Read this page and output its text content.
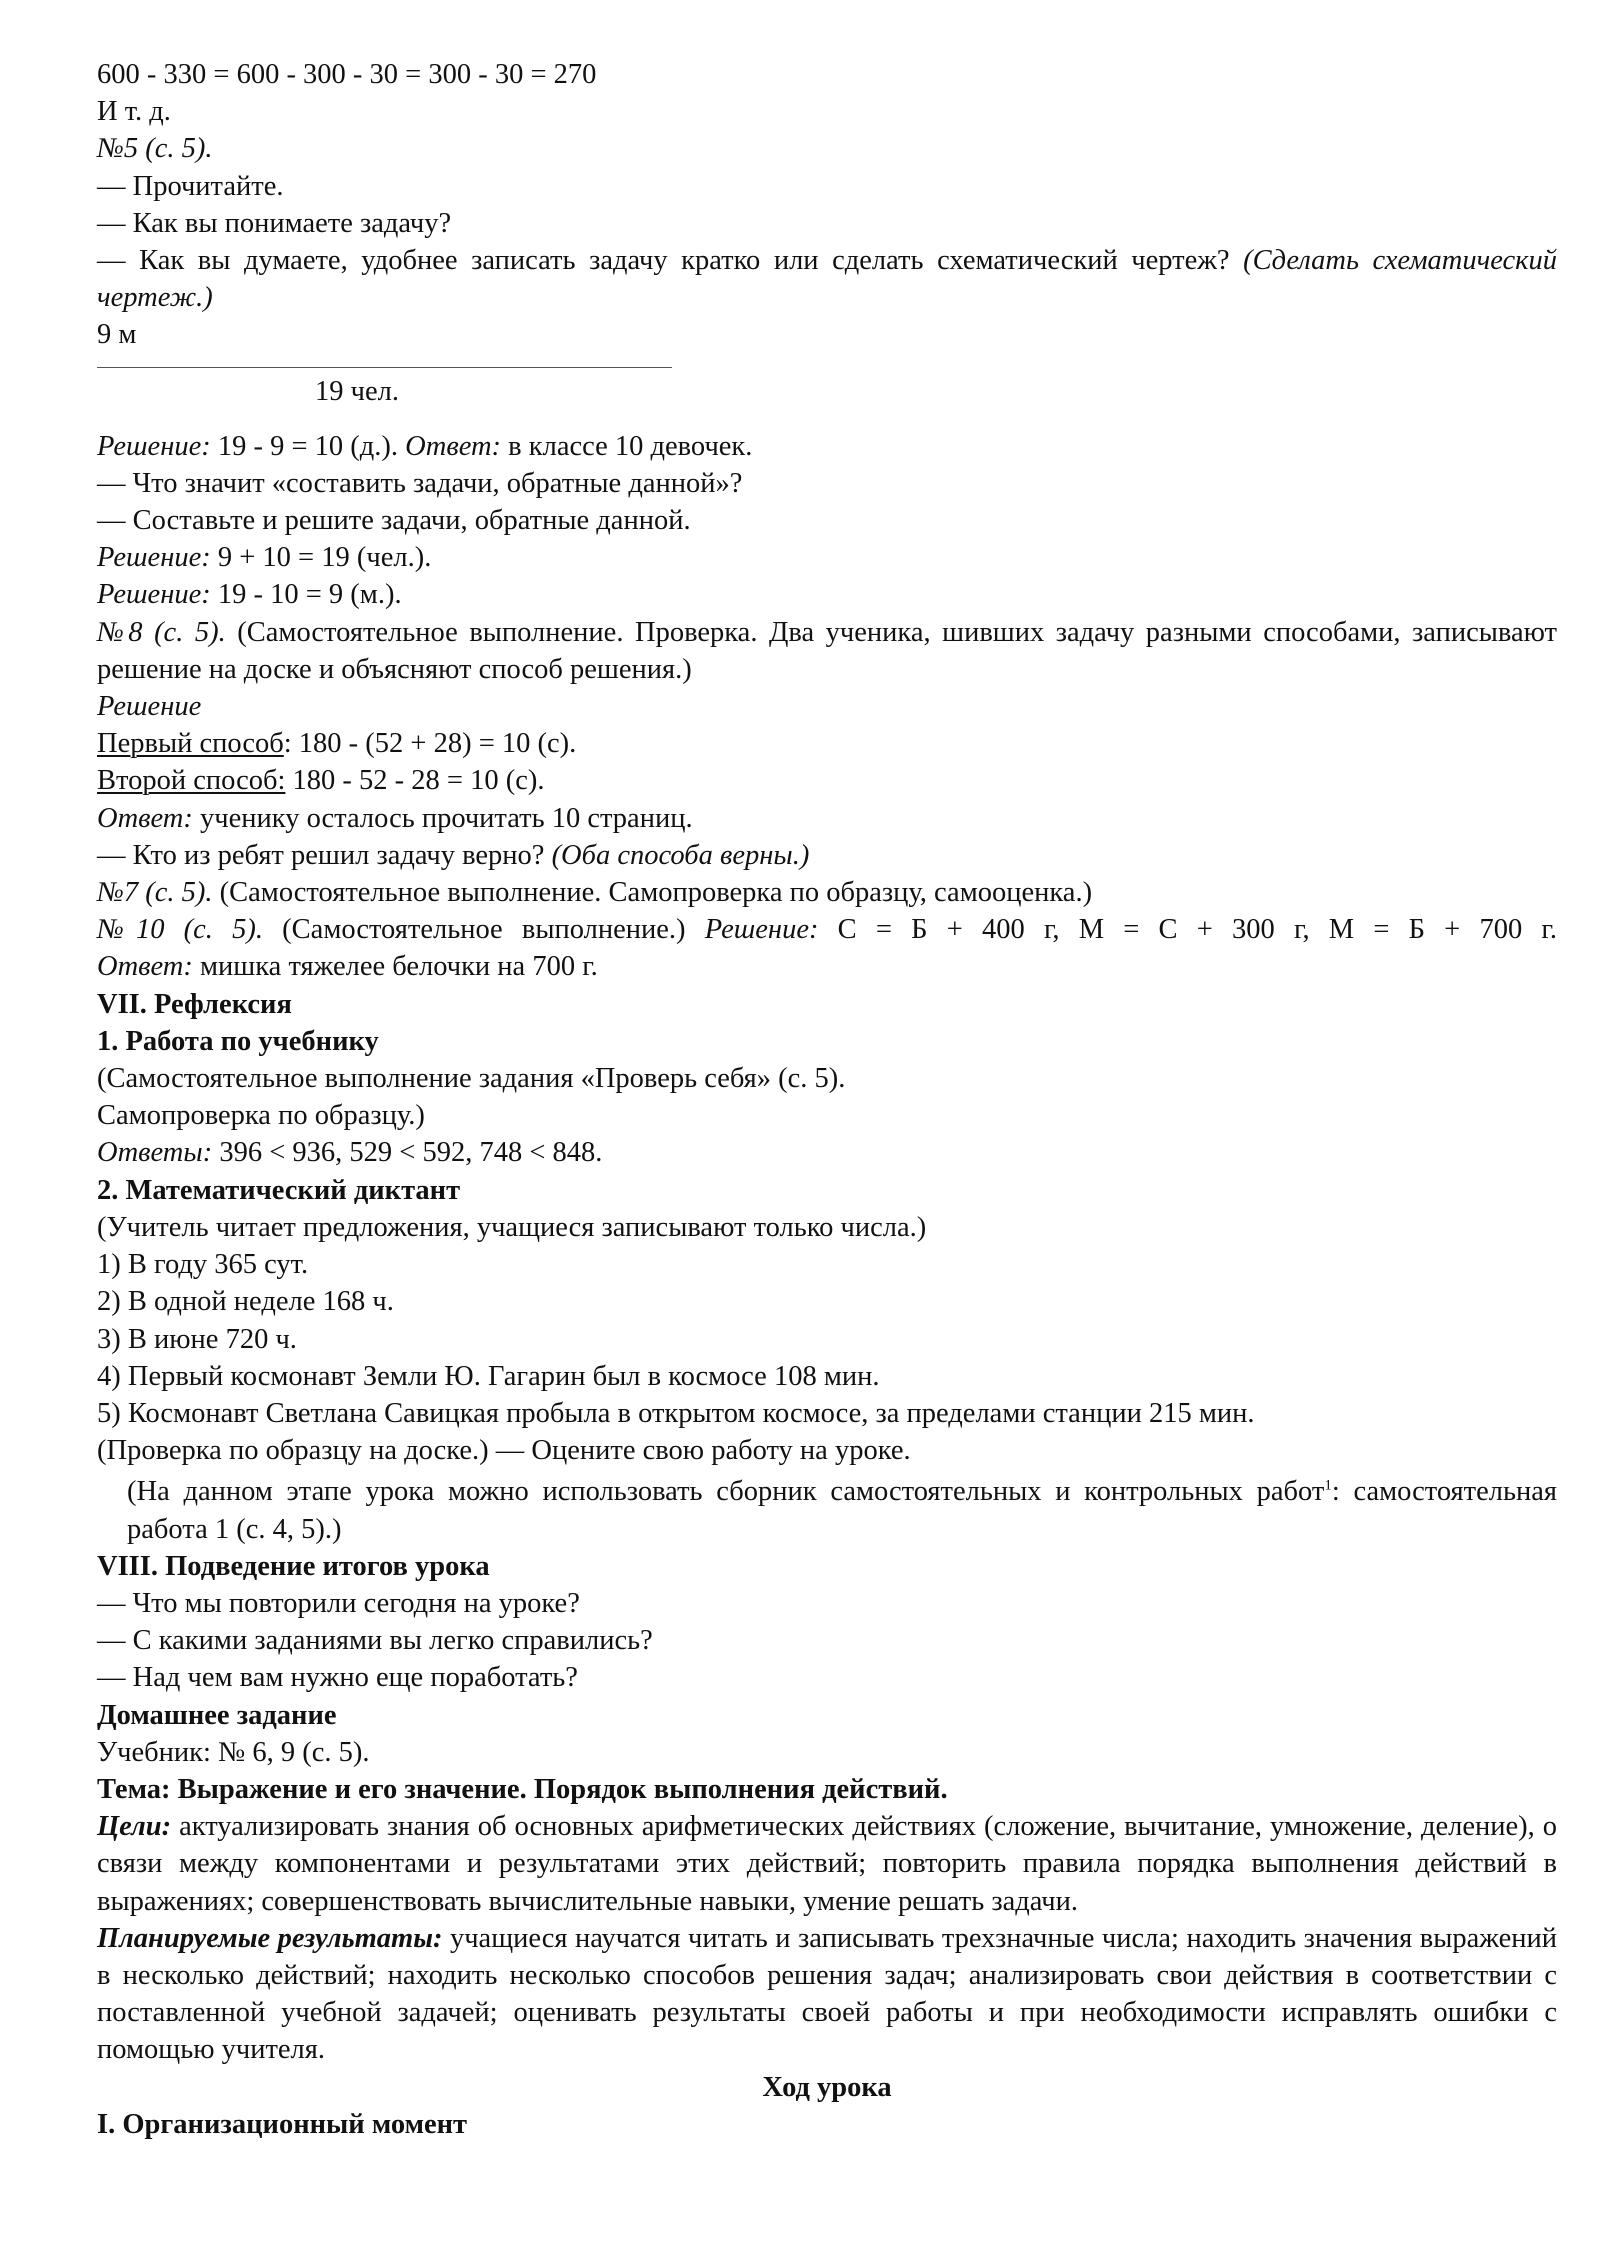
600 - 330 = 600 - 300 - 30 = 300 - 30 = 270
И т. д.
№5 (с. 5).
— Прочитайте.
— Как вы понимаете задачу?
— Как вы думаете, удобнее записать задачу кратко или сделать схематический чертеж? (Сделать схематический чертеж.)
9 м
19 чел.
Решение: 19 - 9 = 10 (д.). Ответ: в классе 10 девочек.
— Что значит «составить задачи, обратные данной»?
— Составьте и решите задачи, обратные данной.
Решение: 9 + 10 = 19 (чел.).
Решение: 19 - 10 = 9 (м.).
№8 (с. 5). (Самостоятельное выполнение. Проверка. Два ученика, шивших задачу разными способами, записывают решение на доске и объясняют способ решения.)
Решение
Первый способ: 180 - (52 + 28) = 10 (с).
Второй способ: 180 - 52 - 28 = 10 (с).
Ответ: ученику осталось прочитать 10 страниц.
— Кто из ребят решил задачу верно? (Оба способа верны.)
№7 (с. 5). (Самостоятельное выполнение. Самопроверка по образцу, самооценка.)
№10 (с. 5). (Самостоятельное выполнение.) Решение: С = Б + 400 г, М = С + 300 г, М = Б + 700 г.
Ответ: мишка тяжелее белочки на 700 г.
VII. Рефлексия
1. Работа по учебнику
(Самостоятельное выполнение задания «Проверь себя» (с. 5).
Самопроверка по образцу.)
Ответы: 396 < 936, 529 < 592, 748 < 848.
2. Математический диктант
(Учитель читает предложения, учащиеся записывают только числа.)
1) В году 365 сут.
2) В одной неделе 168 ч.
3) В июне 720 ч.
4) Первый космонавт Земли Ю. Гагарин был в космосе 108 мин.
5) Космонавт Светлана Савицкая пробыла в открытом космосе, за пределами станции 215 мин.
(Проверка по образцу на доске.) — Оцените свою работу на уроке.
(На данном этапе урока можно использовать сборник самостоятельных и контрольных работ$^1$: самостоятельная работа 1 (с. 4, 5).)
VIII. Подведение итогов урока
— Что мы повторили сегодня на уроке?
— С какими заданиями вы легко справились?
— Над чем вам нужно еще поработать?
Домашнее задание
Учебник: № 6, 9 (с. 5).
Тема: Выражение и его значение. Порядок выполнения действий.
Цели: актуализировать знания об основных арифметических действиях (сложение, вычитание, умножение, деление), о связи между компонентами и результатами этих действий; повторить правила порядка выполнения действий в выражениях; совершенствовать вычислительные навыки, умение решать задачи.
Планируемые результаты: учащиеся научатся читать и записывать трехзначные числа; находить значения выражений в несколько действий; находить несколько способов решения задач; анализировать свои действия в соответствии с поставленной учебной задачей; оценивать результаты своей работы и при необходимости исправлять ошибки с помощью учителя.
Ход урока
I. Организационный момент
